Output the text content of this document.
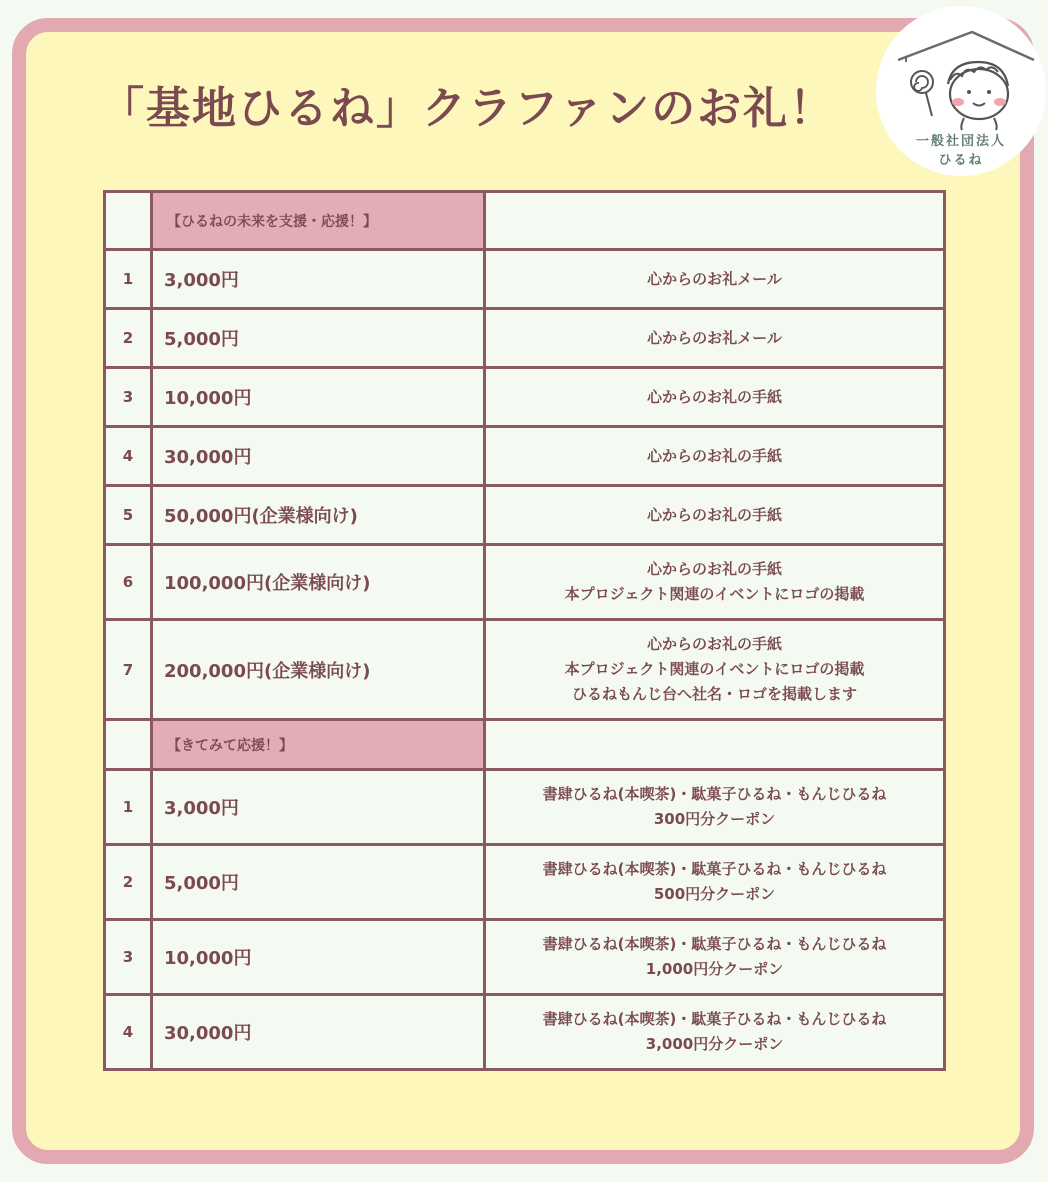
「基地ひるね」クラファンのお礼！
一般社団法人
ひるね
	【ひるねの未来を支援・応援！】	
1	3,000円	心からのお礼メール

2	5,000円	心からのお礼メール

3	10,000円	心からのお礼の手紙

4	30,000円	心からのお礼の手紙

5	50,000円(企業様向け)	心からのお礼の手紙

6	100,000円(企業様向け)	心からのお礼の手紙
本プロジェクト関連のイベントにロゴの掲載

7	200,000円(企業様向け)	心からのお礼の手紙
本プロジェクト関連のイベントにロゴの掲載
ひるねもんじ台へ社名・ロゴを掲載します

	【きてみて応援！】	
1	3,000円	書肆ひるね(本喫茶)・駄菓子ひるね・もんじひるね
300円分クーポン

2	5,000円	書肆ひるね(本喫茶)・駄菓子ひるね・もんじひるね
500円分クーポン

3	10,000円	書肆ひるね(本喫茶)・駄菓子ひるね・もんじひるね
1,000円分クーポン

4	30,000円	書肆ひるね(本喫茶)・駄菓子ひるね・もんじひるね
3,000円分クーポン
